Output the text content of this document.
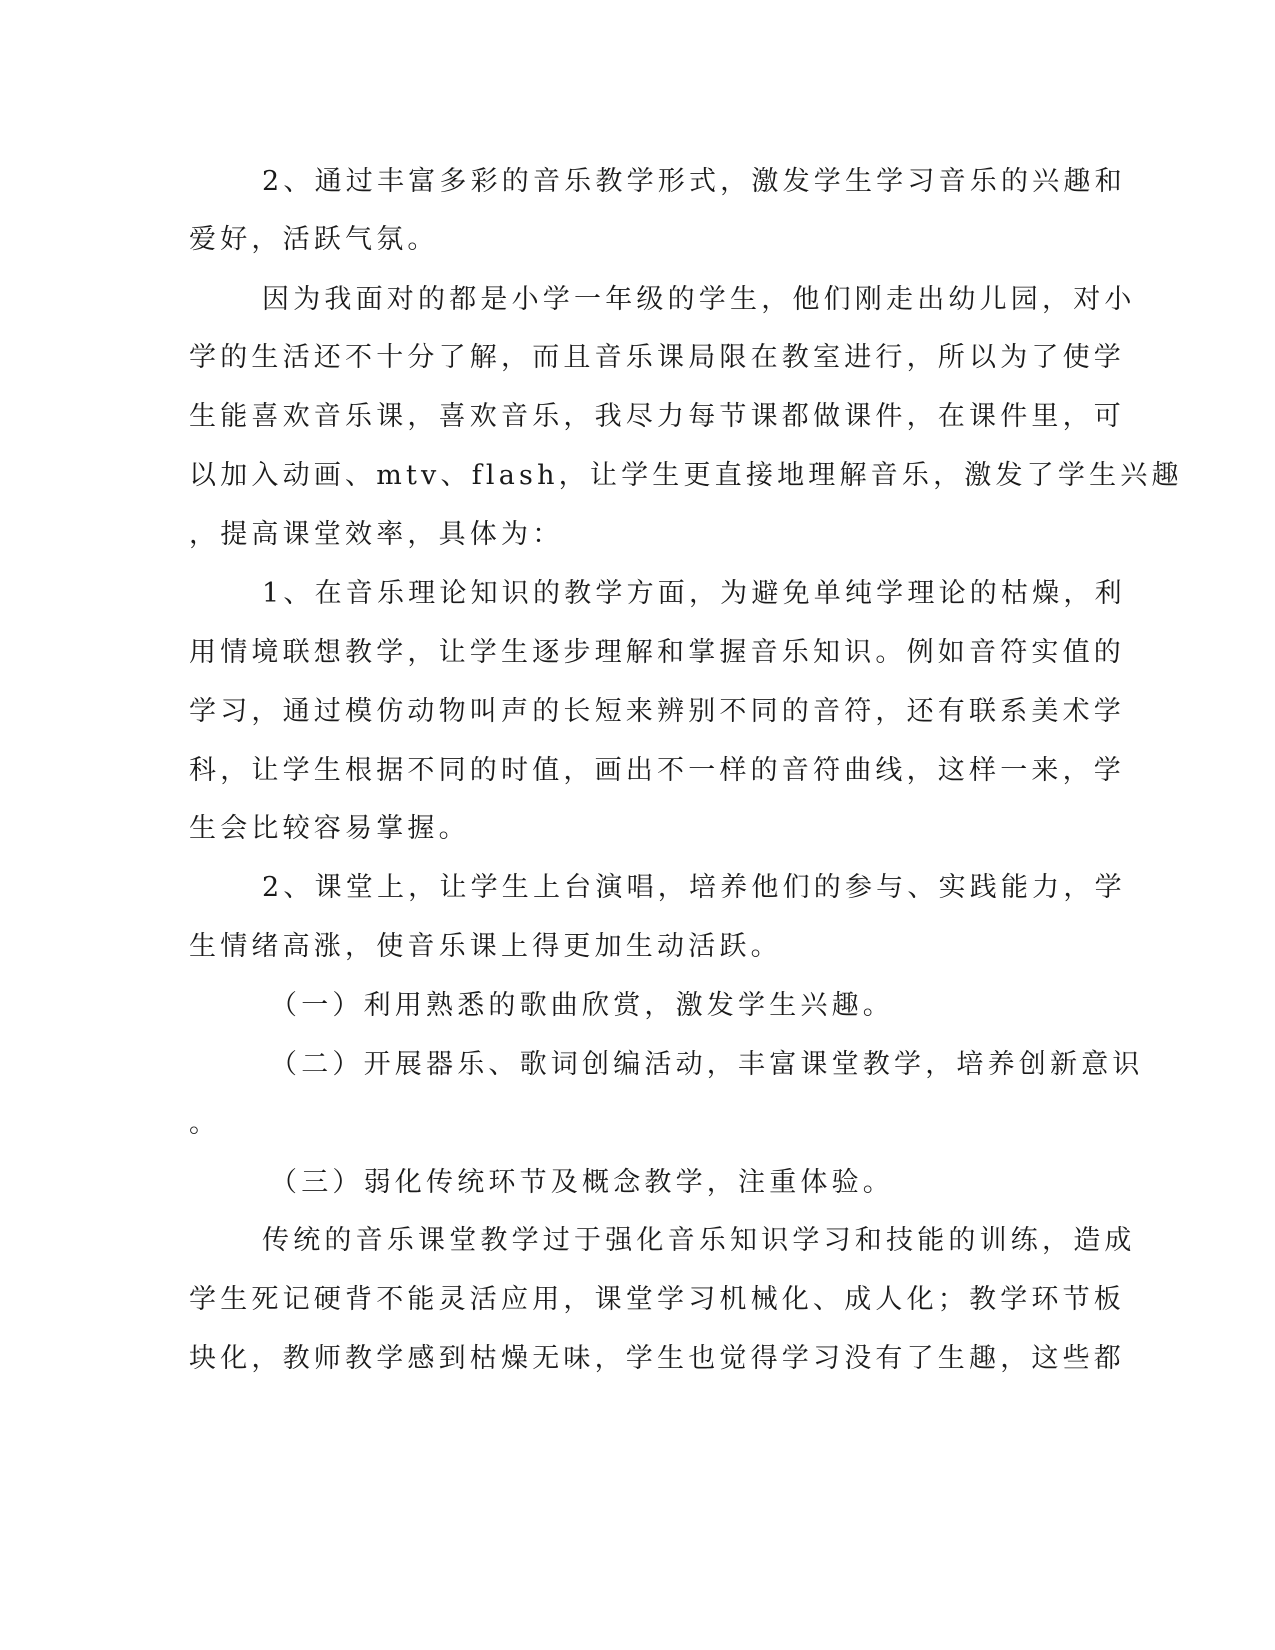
2、通过丰富多彩的音乐教学形式，激发学生学习音乐的兴趣和
爱好，活跃气氛。
因为我面对的都是小学一年级的学生，他们刚走出幼儿园，对小
学的生活还不十分了解，而且音乐课局限在教室进行，所以为了使学
生能喜欢音乐课，喜欢音乐，我尽力每节课都做课件，在课件里，可
以加入动画、mtv、flash，让学生更直接地理解音乐，激发了学生兴趣
，提高课堂效率，具体为：
1、在音乐理论知识的教学方面，为避免单纯学理论的枯燥，利
用情境联想教学，让学生逐步理解和掌握音乐知识。例如音符实值的
学习，通过模仿动物叫声的长短来辨别不同的音符，还有联系美术学
科，让学生根据不同的时值，画出不一样的音符曲线，这样一来，学
生会比较容易掌握。
2、课堂上，让学生上台演唱，培养他们的参与、实践能力，学
生情绪高涨，使音乐课上得更加生动活跃。
（一）利用熟悉的歌曲欣赏，激发学生兴趣。
（二）开展器乐、歌词创编活动，丰富课堂教学，培养创新意识
。
（三）弱化传统环节及概念教学，注重体验。
传统的音乐课堂教学过于强化音乐知识学习和技能的训练，造成
学生死记硬背不能灵活应用，课堂学习机械化、成人化；教学环节板
块化，教师教学感到枯燥无味，学生也觉得学习没有了生趣，这些都
